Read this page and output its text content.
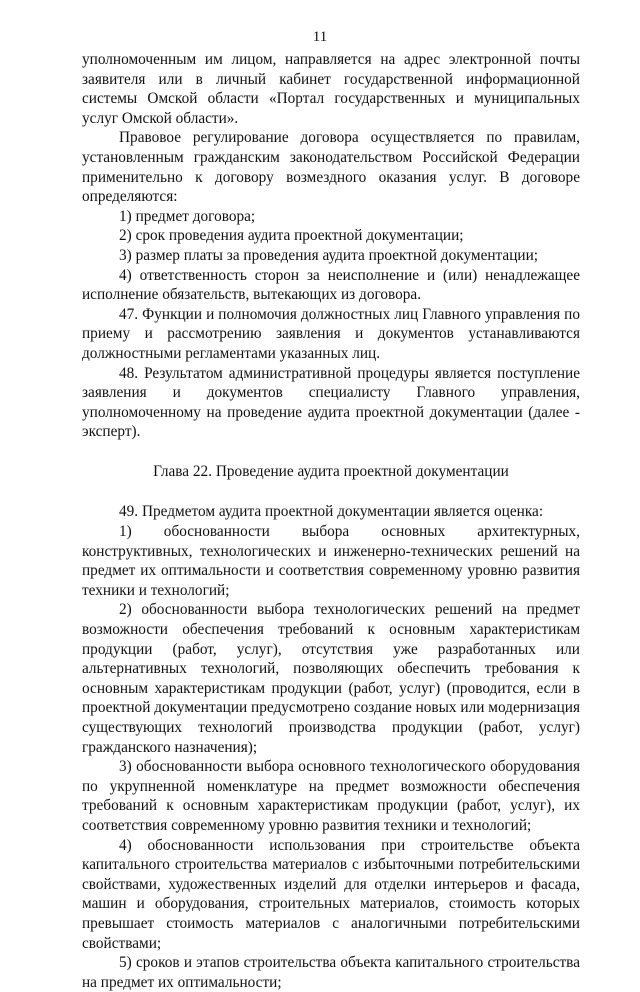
11

уполномоченным им лицом, направляется на адрес электронной почты заявителя или в личный кабинет государственной информационной системы Омской области «Портал государственных и муниципальных услуг Омской области».

Правовое регулирование договора осуществляется по правилам, установленным гражданским законодательством Российской Федерации применительно к договору возмездного оказания услуг. В договоре определяются:

1) предмет договора;

2) срок проведения аудита проектной документации;

3) размер платы за проведения аудита проектной документации;

4) ответственность сторон за неисполнение и (или) ненадлежащее исполнение обязательств, вытекающих из договора.

47. Функции и полномочия должностных лиц Главного управления по приему и рассмотрению заявления и документов устанавливаются должностными регламентами указанных лиц.

48. Результатом административной процедуры является поступление заявления и документов специалисту Главного управления, уполномоченному на проведение аудита проектной документации (далее - эксперт).

Глава 22. Проведение аудита проектной документации

49. Предметом аудита проектной документации является оценка:

1) обоснованности выбора основных архитектурных, конструктивных, технологических и инженерно-технических решений на предмет их оптимальности и соответствия современному уровню развития техники и технологий;

2) обоснованности выбора технологических решений на предмет возможности обеспечения требований к основным характеристикам продукции (работ, услуг), отсутствия уже разработанных или альтернативных технологий, позволяющих обеспечить требования к основным характеристикам продукции (работ, услуг) (проводится, если в проектной документации предусмотрено создание новых или модернизация существующих технологий производства продукции (работ, услуг) гражданского назначения);

3) обоснованности выбора основного технологического оборудования по укрупненной номенклатуре на предмет возможности обеспечения требований к основным характеристикам продукции (работ, услуг), их соответствия современному уровню развития техники и технологий;

4) обоснованности использования при строительстве объекта капитального строительства материалов с избыточными потребительскими свойствами, художественных изделий для отделки интерьеров и фасада, машин и оборудования, строительных материалов, стоимость которых превышает стоимость материалов с аналогичными потребительскими свойствами;

5) сроков и этапов строительства объекта капитального строительства на предмет их оптимальности;
